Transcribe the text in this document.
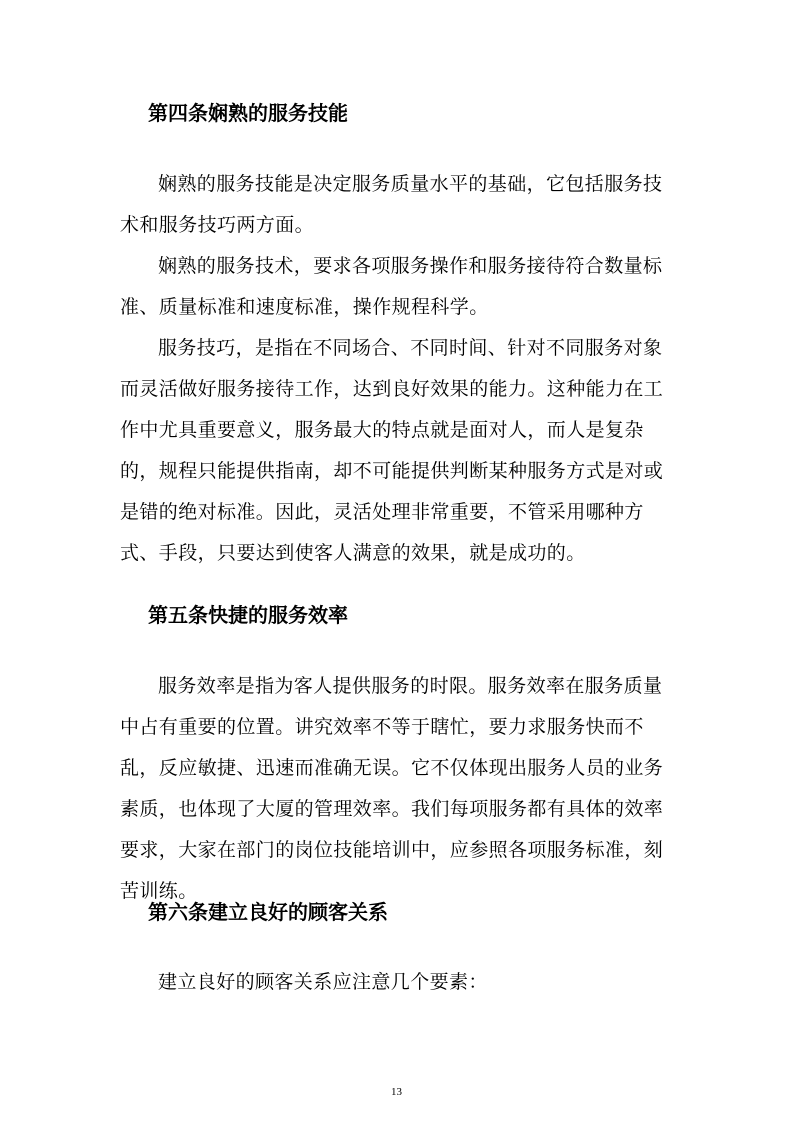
第四条娴熟的服务技能

娴熟的服务技能是决定服务质量水平的基础，它包括服务技术和服务技巧两方面。

娴熟的服务技术，要求各项服务操作和服务接待符合数量标准、质量标准和速度标准，操作规程科学。

服务技巧，是指在不同场合、不同时间、针对不同服务对象而灵活做好服务接待工作，达到良好效果的能力。这种能力在工作中尤具重要意义，服务最大的特点就是面对人，而人是复杂的，规程只能提供指南，却不可能提供判断某种服务方式是对或是错的绝对标准。因此，灵活处理非常重要，不管采用哪种方式、手段，只要达到使客人满意的效果，就是成功的。

第五条快捷的服务效率

服务效率是指为客人提供服务的时限。服务效率在服务质量中占有重要的位置。讲究效率不等于瞎忙，要力求服务快而不乱，反应敏捷、迅速而准确无误。它不仅体现出服务人员的业务素质，也体现了大厦的管理效率。我们每项服务都有具体的效率要求，大家在部门的岗位技能培训中，应参照各项服务标准，刻苦训练。

第六条建立良好的顾客关系

建立良好的顾客关系应注意几个要素：

13
